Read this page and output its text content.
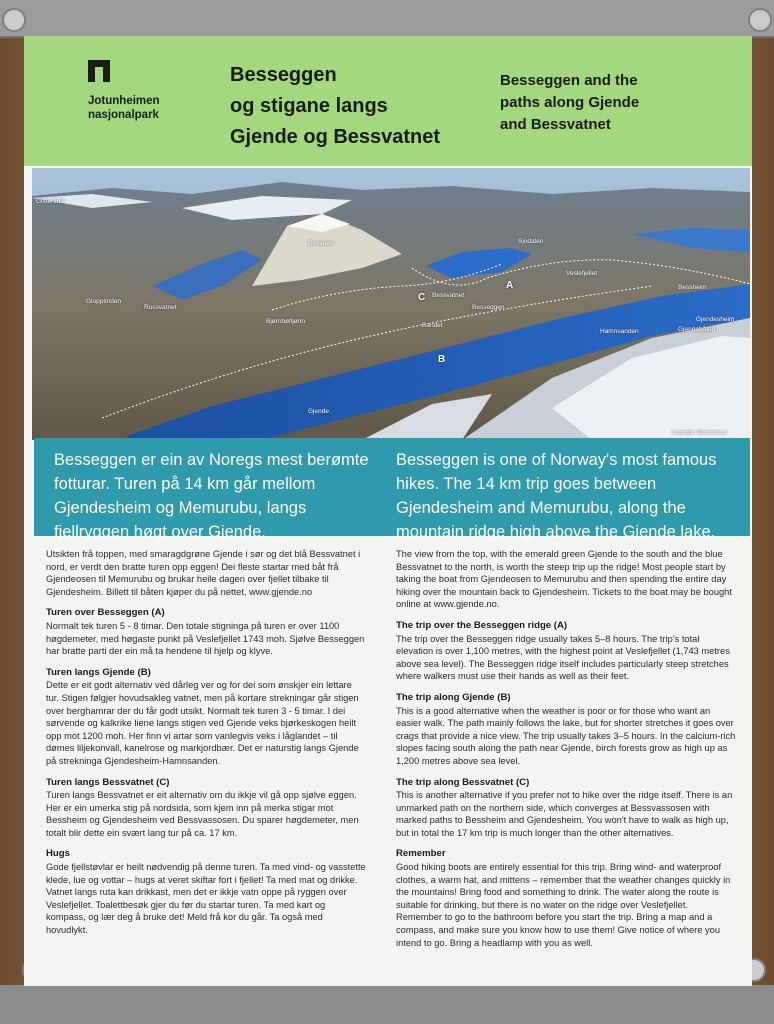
Jotunheimen
nasjonalpark
Besseggen
og stigane langs
Gjende og Bessvatnet
Besseggen and the
paths along Gjende
and Bessvatnet
Glittertind
Besshøe	Sjodalen
Veslefjellet
Bessheim
Gjendesheim
Gjendebåten
Hamnsanden
Bessvatnet
Besseggen
Bandet
Bjørnbøltjønn
Russvatnet
Glopptinden
Gjende
Copyright: Gjendesein.ar
A
B
C
Besseggen er ein av Noregs mest berømte fotturar. Turen på 14 km går mellom Gjendesheim og Memurubu, langs fjellryggen høgt over Gjende.
Besseggen is one of Norway's most famous hikes. The 14 km trip goes between Gjendesheim and Memurubu, along the mountain ridge high above the Gjende lake.

Utsikten frå toppen, med smaragdgrøne Gjende i sør og det blå Bessvatnet i nord, er verdt den bratte turen opp eggen! Dei fleste startar med båt frå Gjendeosen til Memurubu og brukar heile dagen over fjellet tilbake til Gjendesheim. Billett til båten kjøper du på nettet, www.gjende.no

Turen over Besseggen (A)

Normalt tek turen 5 - 8 timar. Den totale stigninga på turen er over 1100 høgdemeter, med høgaste punkt på Veslefjellet 1743 moh. Sjølve Besseggen har bratte parti der ein må ta hendene til hjelp og klyve.

Turen langs Gjende (B)

Dette er eit godt alternativ ved dårleg ver og for dei som ønskjer ein lettare tur. Stigen følgjer hovudsakleg vatnet, men på kortare strekningar går stigen over berghamrar der du får godt utsikt. Normalt tek turen 3 - 5 timar. I dei sørvende og kalkrike liene langs stigen ved Gjende veks bjørkeskogen heilt opp mot 1200 moh. Her finn vi artar som vanlegvis veks i låglandet – til dømes liljekonvall, kanelrose og markjordbær. Det er naturstig langs Gjende på strekninga Gjendesheim-Hamnsanden.

Turen langs Bessvatnet (C)

Turen langs Bessvatnet er eit alternativ om du ikkje vil gå opp sjølve eggen. Her er ein umerka stig på nordsida, som kjem inn på merka stigar mot Bessheim og Gjendesheim ved Bessvassosen. Du sparer høgdemeter, men totalt blir dette ein svært lang tur på ca. 17 km.

Hugs

Gode fjellstøvlar er heilt nødvendig på denne turen. Ta med vind- og vasstette klede, lue og vottar – hugs at veret skiftar fort i fjellet! Ta med mat og drikke. Vatnet langs ruta kan drikkast, men det er ikkje vatn oppe på ryggen over Veslefjellet. Toalettbesøk gjer du før du startar turen. Ta med kart og kompass, og lær deg å bruke det! Meld frå kor du går. Ta også med hovudlykt.

The view from the top, with the emerald green Gjende to the south and the blue Bessvatnet to the north, is worth the steep trip up the ridge! Most people start by taking the boat from Gjendeosen to Memurubu and then spending the entire day hiking over the mountain back to Gjendesheim. Tickets to the boat may be bought online at www.gjende.no.

The trip over the Besseggen ridge (A)

The trip over the Besseggen ridge usually takes 5–8 hours. The trip's total elevation is over 1,100 metres, with the highest point at Veslefjellet (1,743 metres above sea level). The Besseggen ridge itself includes particularly steep stretches where walkers must use their hands as well as their feet.

The trip along Gjende (B)

This is a good alternative when the weather is poor or for those who want an easier walk. The path mainly follows the lake, but for shorter stretches it goes over crags that provide a nice view. The trip usually takes 3–5 hours. In the calcium-rich slopes facing south along the path near Gjende, birch forests grow as high up as 1,200 metres above sea level.

The trip along Bessvatnet (C)

This is another alternative if you prefer not to hike over the ridge itself. There is an unmarked path on the northern side, which converges at Bessvassosen with marked paths to Bessheim and Gjendesheim. You won't have to walk as high up, but in total the 17 km trip is much longer than the other alternatives.

Remember

Good hiking boots are entirely essential for this trip. Bring wind- and waterproof clothes, a warm hat, and mittens – remember that the weather changes quickly in the mountains! Bring food and something to drink. The water along the route is suitable for drinking, but there is no water on the ridge over Veslefjellet. Remember to go to the bathroom before you start the trip. Bring a map and a compass, and make sure you know how to use them! Give notice of where you intend to go. Bring a headlamp with you as well.
